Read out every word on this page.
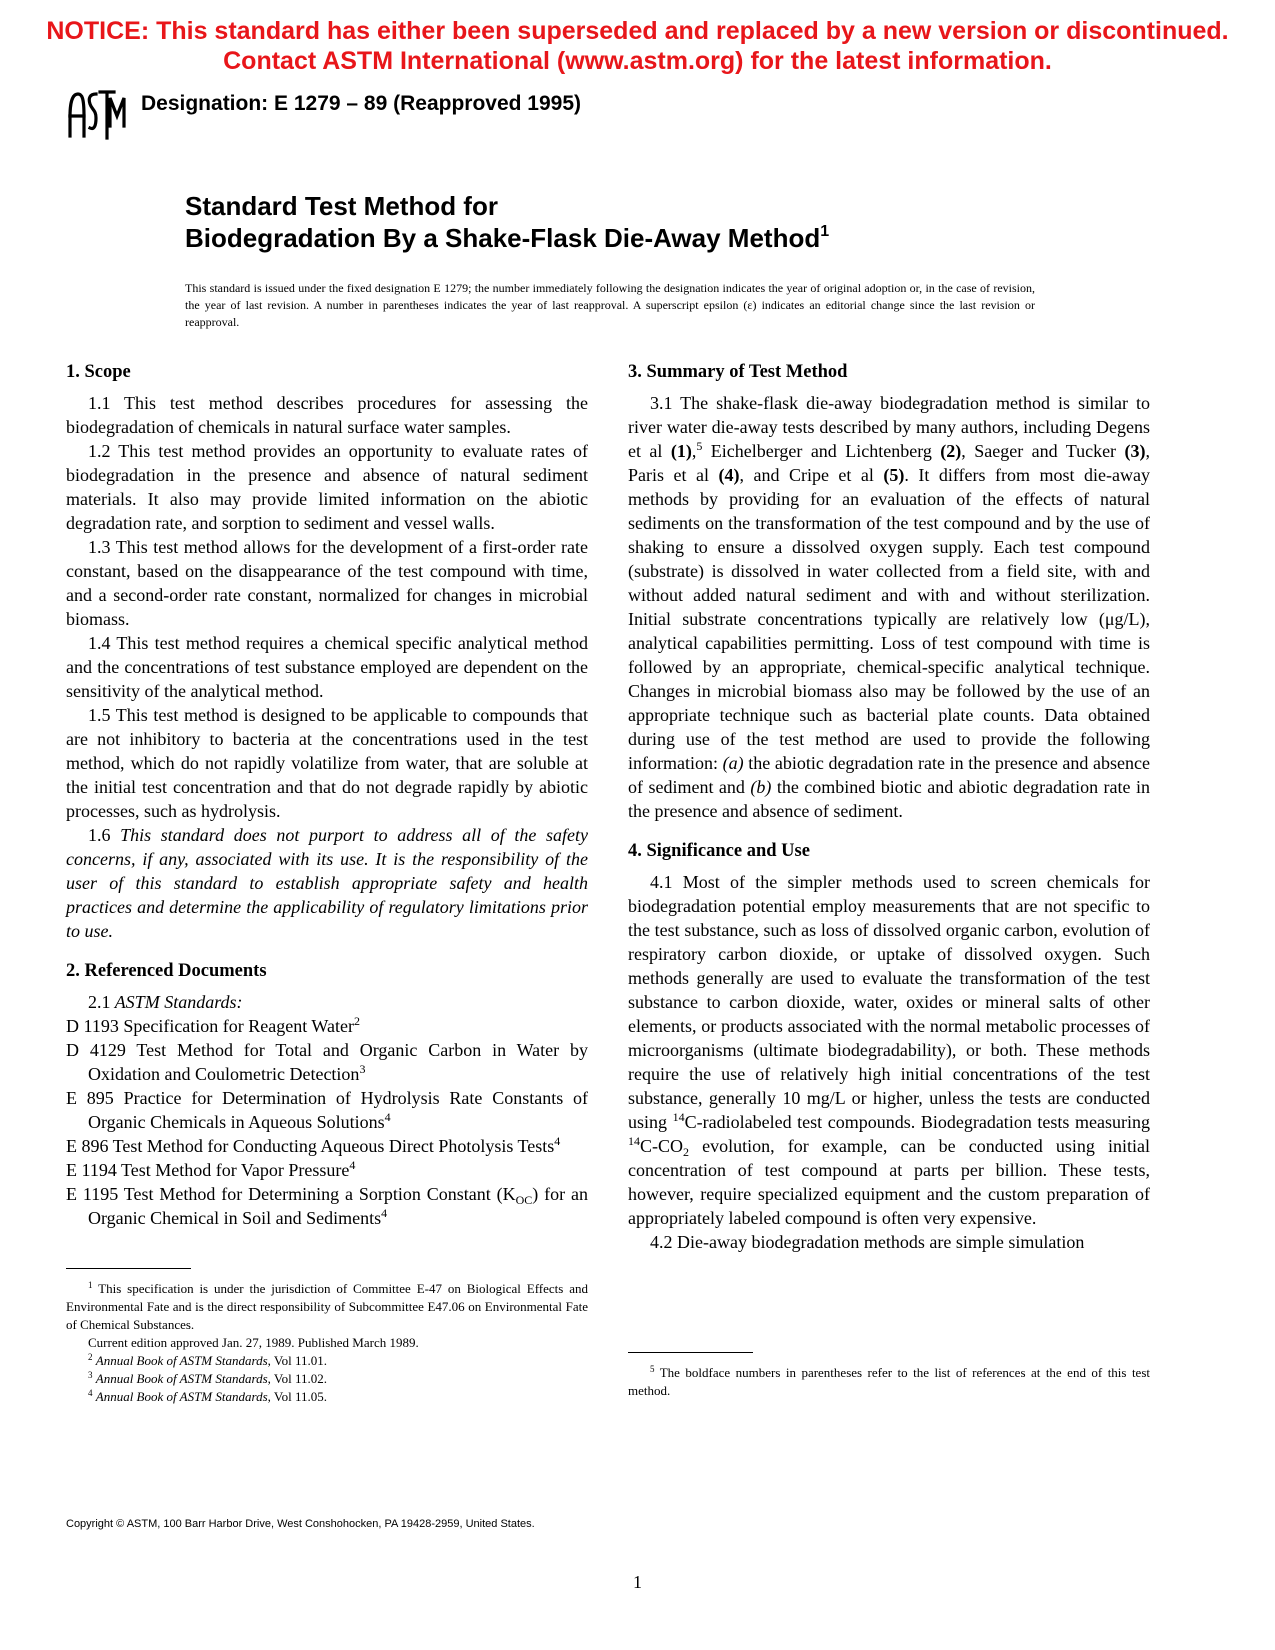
NOTICE: This standard has either been superseded and replaced by a new version or discontinued.
Contact ASTM International (www.astm.org) for the latest information.
Designation: E 1279 – 89 (Reapproved 1995)
Standard Test Method for
Biodegradation By a Shake-Flask Die-Away Method$^1$
This standard is issued under the fixed designation E 1279; the number immediately following the designation indicates the year of original adoption or, in the case of revision, the year of last revision. A number in parentheses indicates the year of last reapproval. A superscript epsilon (ε) indicates an editorial change since the last revision or reapproval.
1. Scope

1.1 This test method describes procedures for assessing the biodegradation of chemicals in natural surface water samples.

1.2 This test method provides an opportunity to evaluate rates of biodegradation in the presence and absence of natural sediment materials. It also may provide limited information on the abiotic degradation rate, and sorption to sediment and vessel walls.

1.3 This test method allows for the development of a first-order rate constant, based on the disappearance of the test compound with time, and a second-order rate constant, normalized for changes in microbial biomass.

1.4 This test method requires a chemical specific analytical method and the concentrations of test substance employed are dependent on the sensitivity of the analytical method.

1.5 This test method is designed to be applicable to compounds that are not inhibitory to bacteria at the concentrations used in the test method, which do not rapidly volatilize from water, that are soluble at the initial test concentration and that do not degrade rapidly by abiotic processes, such as hydrolysis.

1.6 This standard does not purport to address all of the safety concerns, if any, associated with its use. It is the responsibility of the user of this standard to establish appropriate safety and health practices and determine the applicability of regulatory limitations prior to use.

2. Referenced Documents

2.1 ASTM Standards:

D 1193 Specification for Reagent Water$^2$

D 4129 Test Method for Total and Organic Carbon in Water by Oxidation and Coulometric Detection$^3$

E 895 Practice for Determination of Hydrolysis Rate Constants of Organic Chemicals in Aqueous Solutions$^4$

E 896 Test Method for Conducting Aqueous Direct Photolysis Tests$^4$

E 1194 Test Method for Vapor Pressure$^4$

E 1195 Test Method for Determining a Sorption Constant $(K_{OC})$ for an Organic Chemical in Soil and Sediments$^4$

3. Summary of Test Method

3.1 The shake-flask die-away biodegradation method is similar to river water die-away tests described by many authors, including Degens et al (1),$^5$ Eichelberger and Lichtenberg (2), Saeger and Tucker (3), Paris et al (4), and Cripe et al (5). It differs from most die-away methods by providing for an evaluation of the effects of natural sediments on the transformation of the test compound and by the use of shaking to ensure a dissolved oxygen supply. Each test compound (substrate) is dissolved in water collected from a field site, with and without added natural sediment and with and without sterilization. Initial substrate concentrations typically are relatively low (μg/L), analytical capabilities permitting. Loss of test compound with time is followed by an appropriate, chemical-specific analytical technique. Changes in microbial biomass also may be followed by the use of an appropriate technique such as bacterial plate counts. Data obtained during use of the test method are used to provide the following information: (a) the abiotic degradation rate in the presence and absence of sediment and (b) the combined biotic and abiotic degradation rate in the presence and absence of sediment.

4. Significance and Use

4.1 Most of the simpler methods used to screen chemicals for biodegradation potential employ measurements that are not specific to the test substance, such as loss of dissolved organic carbon, evolution of respiratory carbon dioxide, or uptake of dissolved oxygen. Such methods generally are used to evaluate the transformation of the test substance to carbon dioxide, water, oxides or mineral salts of other elements, or products associated with the normal metabolic processes of microorganisms (ultimate biodegradability), or both. These methods require the use of relatively high initial concentrations of the test substance, generally 10 mg/L or higher, unless the tests are conducted using $^{14}$C-radiolabeled test compounds. Biodegradation tests measuring $^{14}C-CO_2$ evolution, for example, can be conducted using initial concentration of test compound at parts per billion. These tests, however, require specialized equipment and the custom preparation of appropriately labeled compound is often very expensive.

4.2 Die-away biodegradation methods are simple simulation

$^1$ This specification is under the jurisdiction of Committee E-47 on Biological Effects and Environmental Fate and is the direct responsibility of Subcommittee E47.06 on Environmental Fate of Chemical Substances.

Current edition approved Jan. 27, 1989. Published March 1989.

$^2$ Annual Book of ASTM Standards, Vol 11.01.

$^3$ Annual Book of ASTM Standards, Vol 11.02.

$^4$ Annual Book of ASTM Standards, Vol 11.05.

$^5$ The boldface numbers in parentheses refer to the list of references at the end of this test method.

Copyright © ASTM, 100 Barr Harbor Drive, West Conshohocken, PA 19428-2959, United States.
1
